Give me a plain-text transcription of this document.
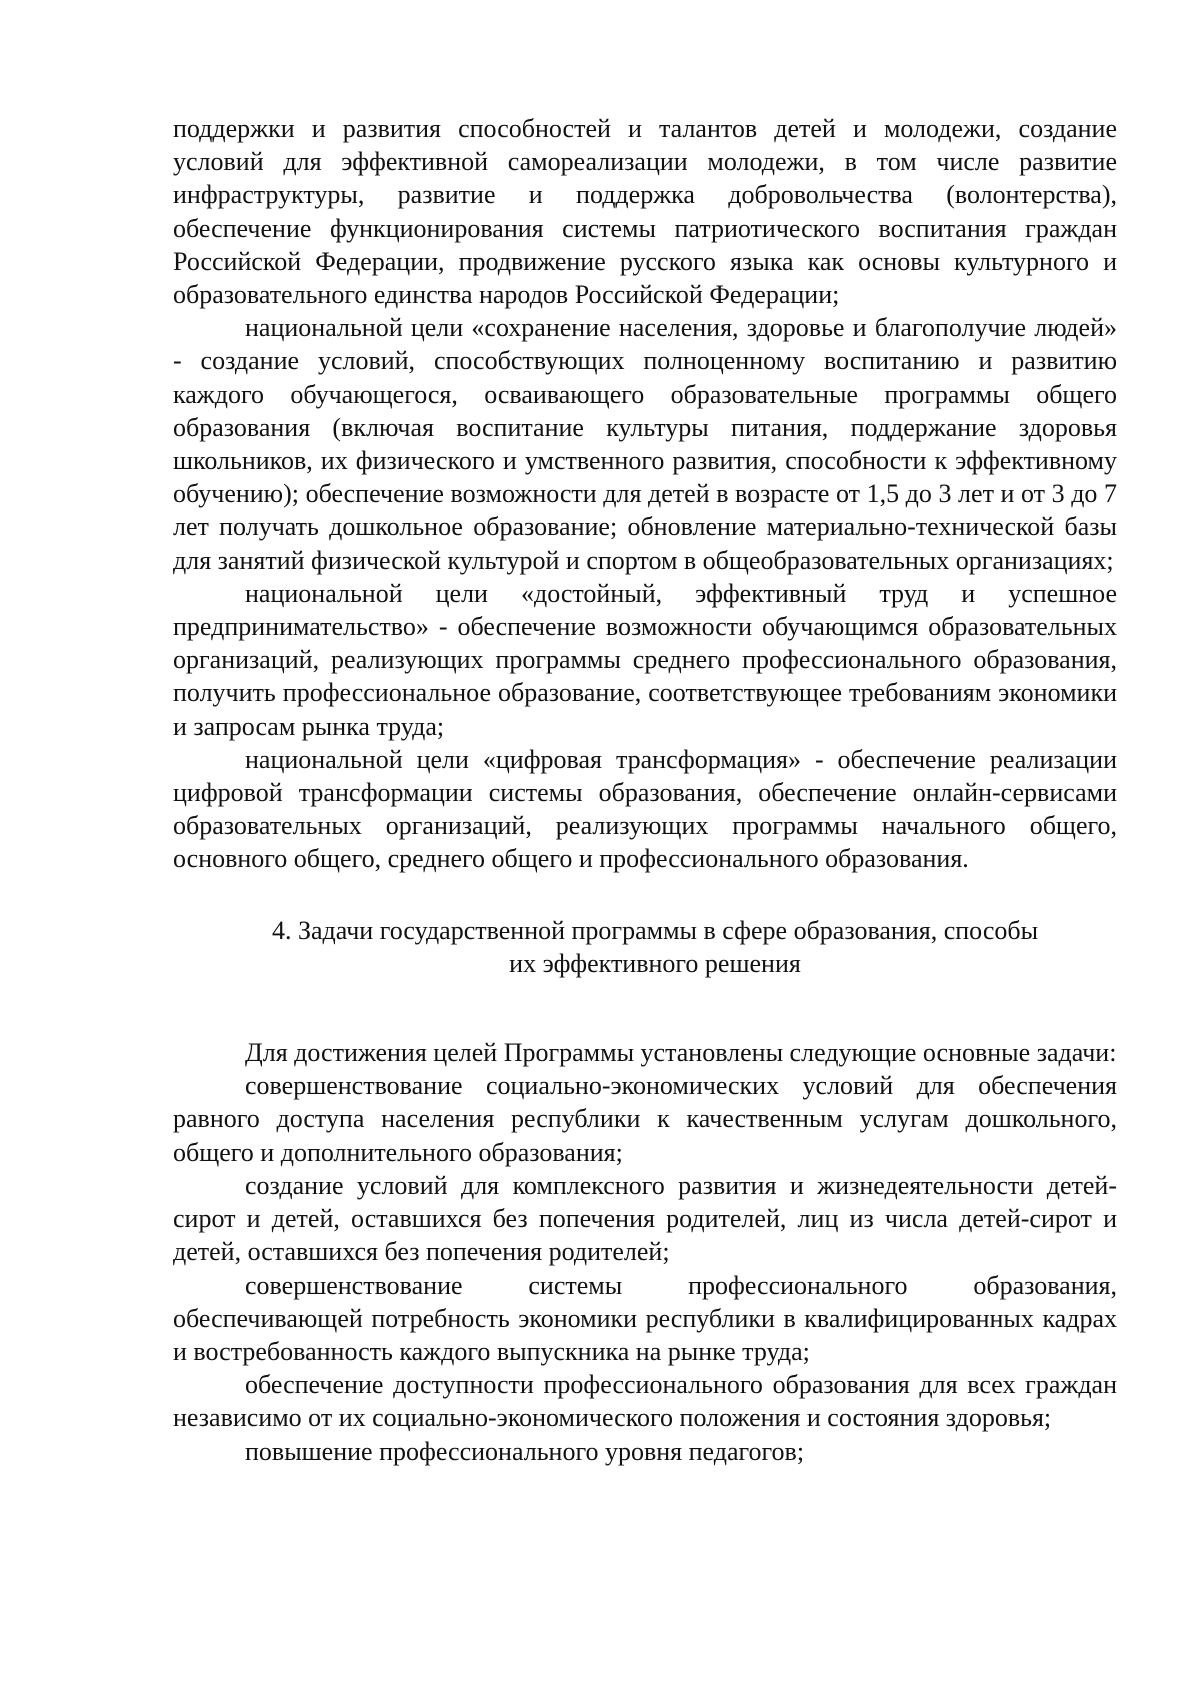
поддержки и развития способностей и талантов детей и молодежи, создание условий для эффективной самореализации молодежи, в том числе развитие инфраструктуры, развитие и поддержка добровольчества (волонтерства), обеспечение функционирования системы патриотического воспитания граждан Российской Федерации, продвижение русского языка как основы культурного и образовательного единства народов Российской Федерации;

национальной цели «сохранение населения, здоровье и благополучие людей» - создание условий, способствующих полноценному воспитанию и развитию каждого обучающегося, осваивающего образовательные программы общего образования (включая воспитание культуры питания, поддержание здоровья школьников, их физического и умственного развития, способности к эффективному обучению); обеспечение возможности для детей в возрасте от 1,5 до 3 лет и от 3 до 7 лет получать дошкольное образование; обновление материально-технической базы для занятий физической культурой и спортом в общеобразовательных организациях;

национальной цели «достойный, эффективный труд и успешное предпринимательство» - обеспечение возможности обучающимся образовательных организаций, реализующих программы среднего профессионального образования, получить профессиональное образование, соответствующее требованиям экономики и запросам рынка труда;

национальной цели «цифровая трансформация» - обеспечение реализации цифровой трансформации системы образования, обеспечение онлайн-сервисами образовательных организаций, реализующих программы начального общего, основного общего, среднего общего и профессионального образования.

4. Задачи государственной программы в сфере образования, способы
их эффективного решения

Для достижения целей Программы установлены следующие основные задачи:

совершенствование социально-экономических условий для обеспечения равного доступа населения республики к качественным услугам дошкольного, общего и дополнительного образования;

создание условий для комплексного развития и жизнедеятельности детей-сирот и детей, оставшихся без попечения родителей, лиц из числа детей-сирот и детей, оставшихся без попечения родителей;

совершенствование системы профессионального образования, обеспечивающей потребность экономики республики в квалифицированных кадрах и востребованность каждого выпускника на рынке труда;

обеспечение доступности профессионального образования для всех граждан независимо от их социально-экономического положения и состояния здоровья;

повышение профессионального уровня педагогов;
